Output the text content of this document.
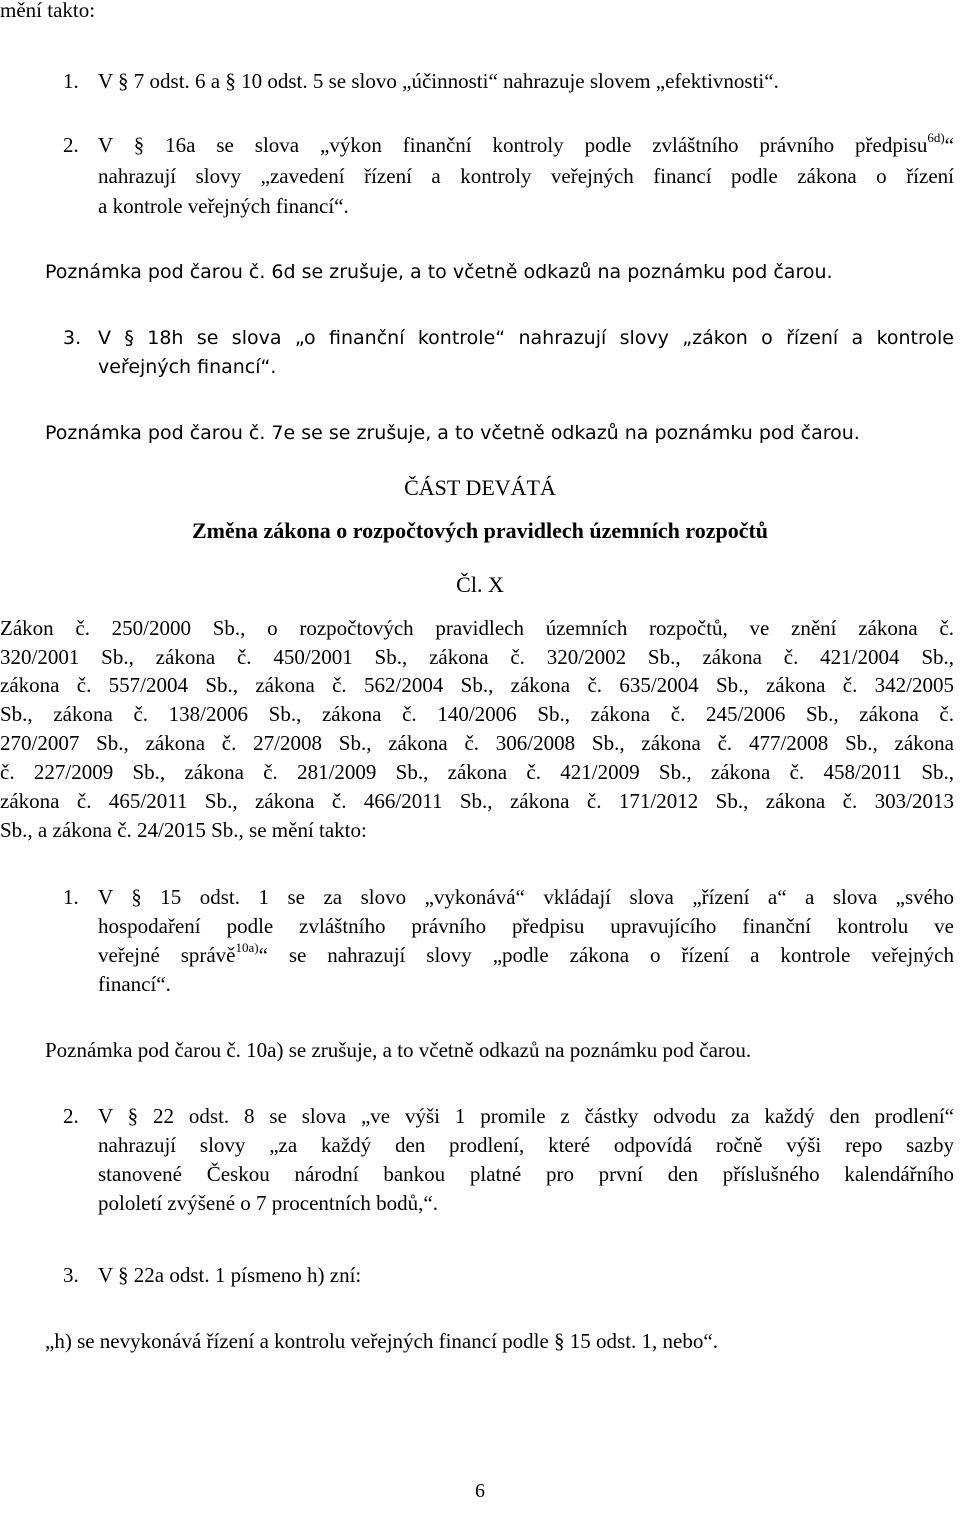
mění takto:
1. V § 7 odst. 6 a § 10 odst. 5 se slovo „účinnosti“ nahrazuje slovem „efektivnosti“.
2. V § 16a se slova „výkon finanční kontroly podle zvláštního právního předpisu$^{6d)}$“
nahrazují slovy „zavedení řízení a kontroly veřejných financí podle zákona o řízení
a kontrole veřejných financí“.
Poznámka pod čarou č. 6d se zrušuje, a to včetně odkazů na poznámku pod čarou.
3. V § 18h se slova „o finanční kontrole“ nahrazují slovy „zákon o řízení a kontrole
veřejných financí“.
Poznámka pod čarou č. 7e se se zrušuje, a to včetně odkazů na poznámku pod čarou.
ČÁST DEVÁTÁ
Změna zákona o rozpočtových pravidlech územních rozpočtů
Čl. X
Zákon č. 250/2000 Sb., o rozpočtových pravidlech územních rozpočtů, ve znění zákona č.
320/2001 Sb., zákona č. 450/2001 Sb., zákona č. 320/2002 Sb., zákona č. 421/2004 Sb.,
zákona č. 557/2004 Sb., zákona č. 562/2004 Sb., zákona č. 635/2004 Sb., zákona č. 342/2005
Sb., zákona č. 138/2006 Sb., zákona č. 140/2006 Sb., zákona č. 245/2006 Sb., zákona č.
270/2007 Sb., zákona č. 27/2008 Sb., zákona č. 306/2008 Sb., zákona č. 477/2008 Sb., zákona
č. 227/2009 Sb., zákona č. 281/2009 Sb., zákona č. 421/2009 Sb., zákona č. 458/2011 Sb.,
zákona č. 465/2011 Sb., zákona č. 466/2011 Sb., zákona č. 171/2012 Sb., zákona č. 303/2013
Sb., a zákona č. 24/2015 Sb., se mění takto:
1. V § 15 odst. 1 se za slovo „vykonává“ vkládají slova „řízení a“ a slova „svého
hospodaření podle zvláštního právního předpisu upravujícího finanční kontrolu ve
veřejné správě$^{10a)}$“ se nahrazují slovy „podle zákona o řízení a kontrole veřejných
financí“.
Poznámka pod čarou č. 10a) se zrušuje, a to včetně odkazů na poznámku pod čarou.
2. V § 22 odst. 8 se slova „ve výši 1 promile z částky odvodu za každý den prodlení“
nahrazují slovy „za každý den prodlení, které odpovídá ročně výši repo sazby
stanovené Českou národní bankou platné pro první den příslušného kalendářního
pololetí zvýšené o 7 procentních bodů,“.
3. V § 22a odst. 1 písmeno h) zní:
„h) se nevykonává řízení a kontrolu veřejných financí podle § 15 odst. 1, nebo“.
6
